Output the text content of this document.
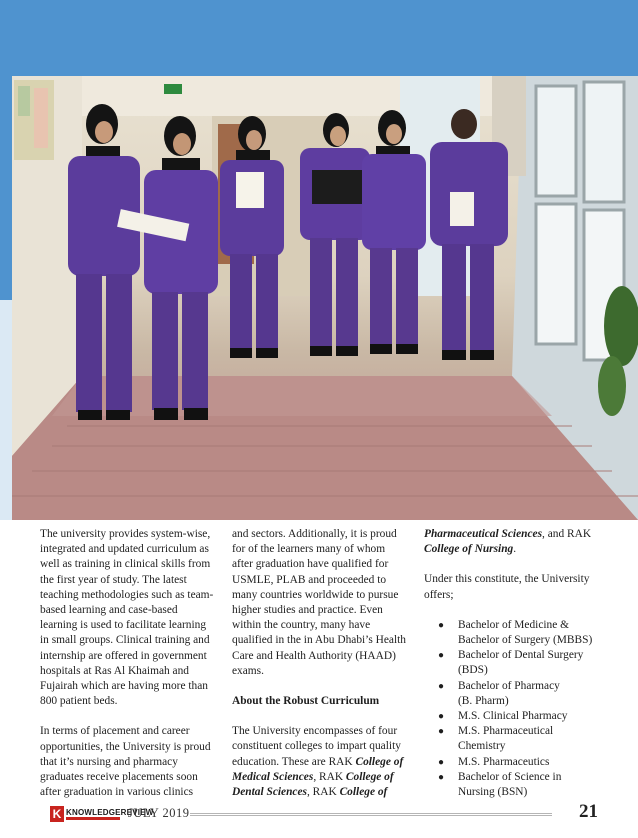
The university provides system-wise, integrated and updated curriculum as well as training in clinical skills from the first year of study. The latest teaching methodologies such as team-based learning and case-based learning is used to facilitate learning in small groups. Clinical training and internship are offered in government hospitals at Ras Al Khaimah and Fujairah which are having more than 800 patient beds.

In terms of placement and career opportunities, the University is proud that it’s nursing and pharmacy graduates receive placements soon after graduation in various clinics

and sectors. Additionally, it is proud for of the learners many of whom after graduation have qualified for USMLE, PLAB and proceeded to many countries worldwide to pursue higher studies and practice. Even within the country, many have qualified in the in Abu Dhabi’s Health Care and Health Authority (HAAD) exams.

About the Robust Curriculum

The University encompasses of four constituent colleges to impart quality education. These are RAK College of Medical Sciences, RAK College of Dental Sciences, RAK College of

Pharmaceutical Sciences, and RAK College of Nursing.

Under this constitute, the University offers;

● Bachelor of Medicine &
Bachelor of Surgery (MBBS)
● Bachelor of Dental Surgery
(BDS)
● Bachelor of Pharmacy
(B. Pharm)
● M.S. Clinical Pharmacy
● M.S. Pharmaceutical
Chemistry
● M.S. Pharmaceutics
● Bachelor of Science in
Nursing (BSN)
K KNOWLEDGEREVIEW
JULY 2019	21
